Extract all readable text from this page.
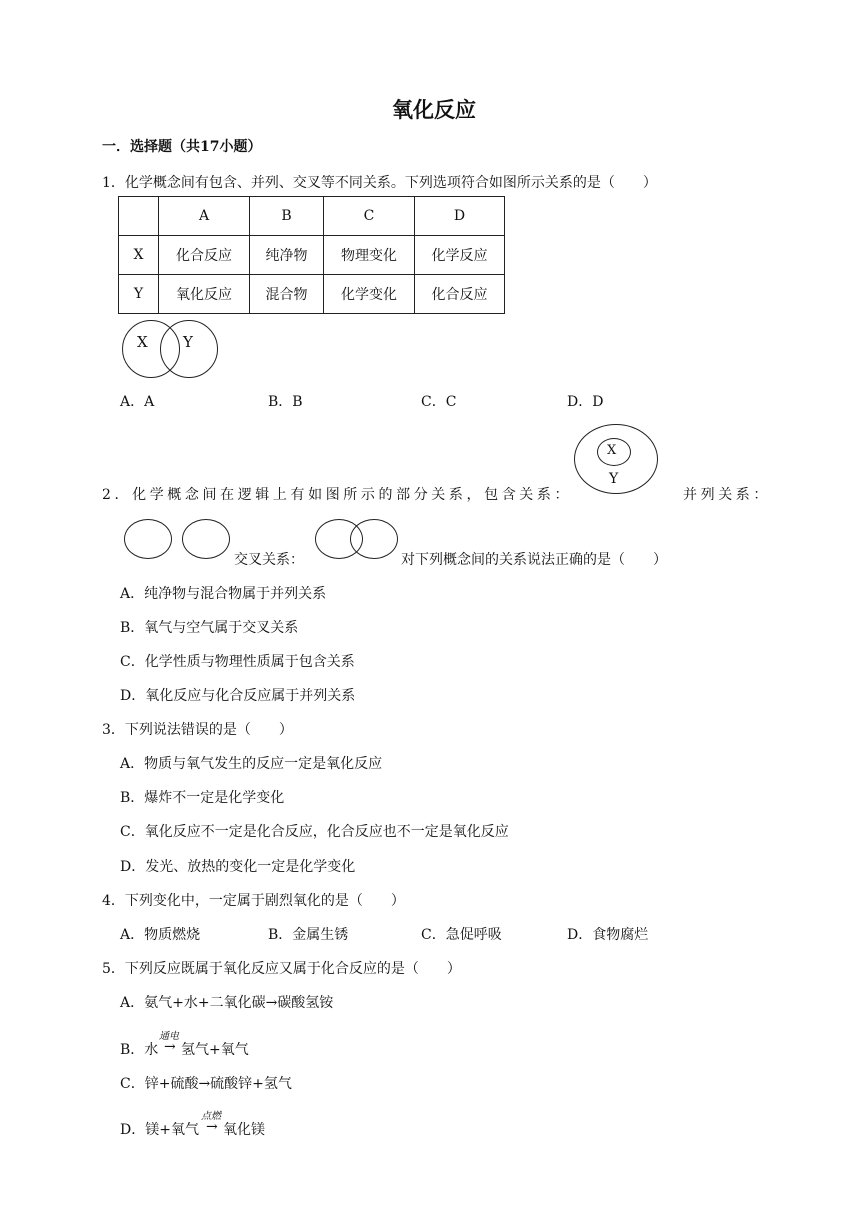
氧化反应
一．选择题（共17小题）
1．化学概念间有包含、并列、交叉等不同关系。下列选项符合如图所示关系的是（　　）
	A	B	C	D
X	化合反应	纯净物	物理变化	化学反应
Y	氧化反应	混合物	化学变化	化合反应
X Y
A．A	B．B	C．C	D．D
X
Y
2．化学概念间在逻辑上有如图所示的部分关系，包含关系：	并列关系：
交叉关系：	对下列概念间的关系说法正确的是（　　）
A．纯净物与混合物属于并列关系
B．氧气与空气属于交叉关系
C．化学性质与物理性质属于包含关系
D．氧化反应与化合反应属于并列关系
3．下列说法错误的是（　　）
A．物质与氧气发生的反应一定是氧化反应
B．爆炸不一定是化学变化
C．氧化反应不一定是化合反应，化合反应也不一定是氧化反应
D．发光、放热的变化一定是化学变化
4．下列变化中，一定属于剧烈氧化的是（　　）
A．物质燃烧	B．金属生锈	C．急促呼吸	D．食物腐烂
5．下列反应既属于氧化反应又属于化合反应的是（　　）
A．氨气+水+二氧化碳→碳酸氢铵
B．水
通电
→ 氢气+氧气
C．锌+硫酸→硫酸锌+氢气
D．镁+氧气
点燃
→ 氧化镁
